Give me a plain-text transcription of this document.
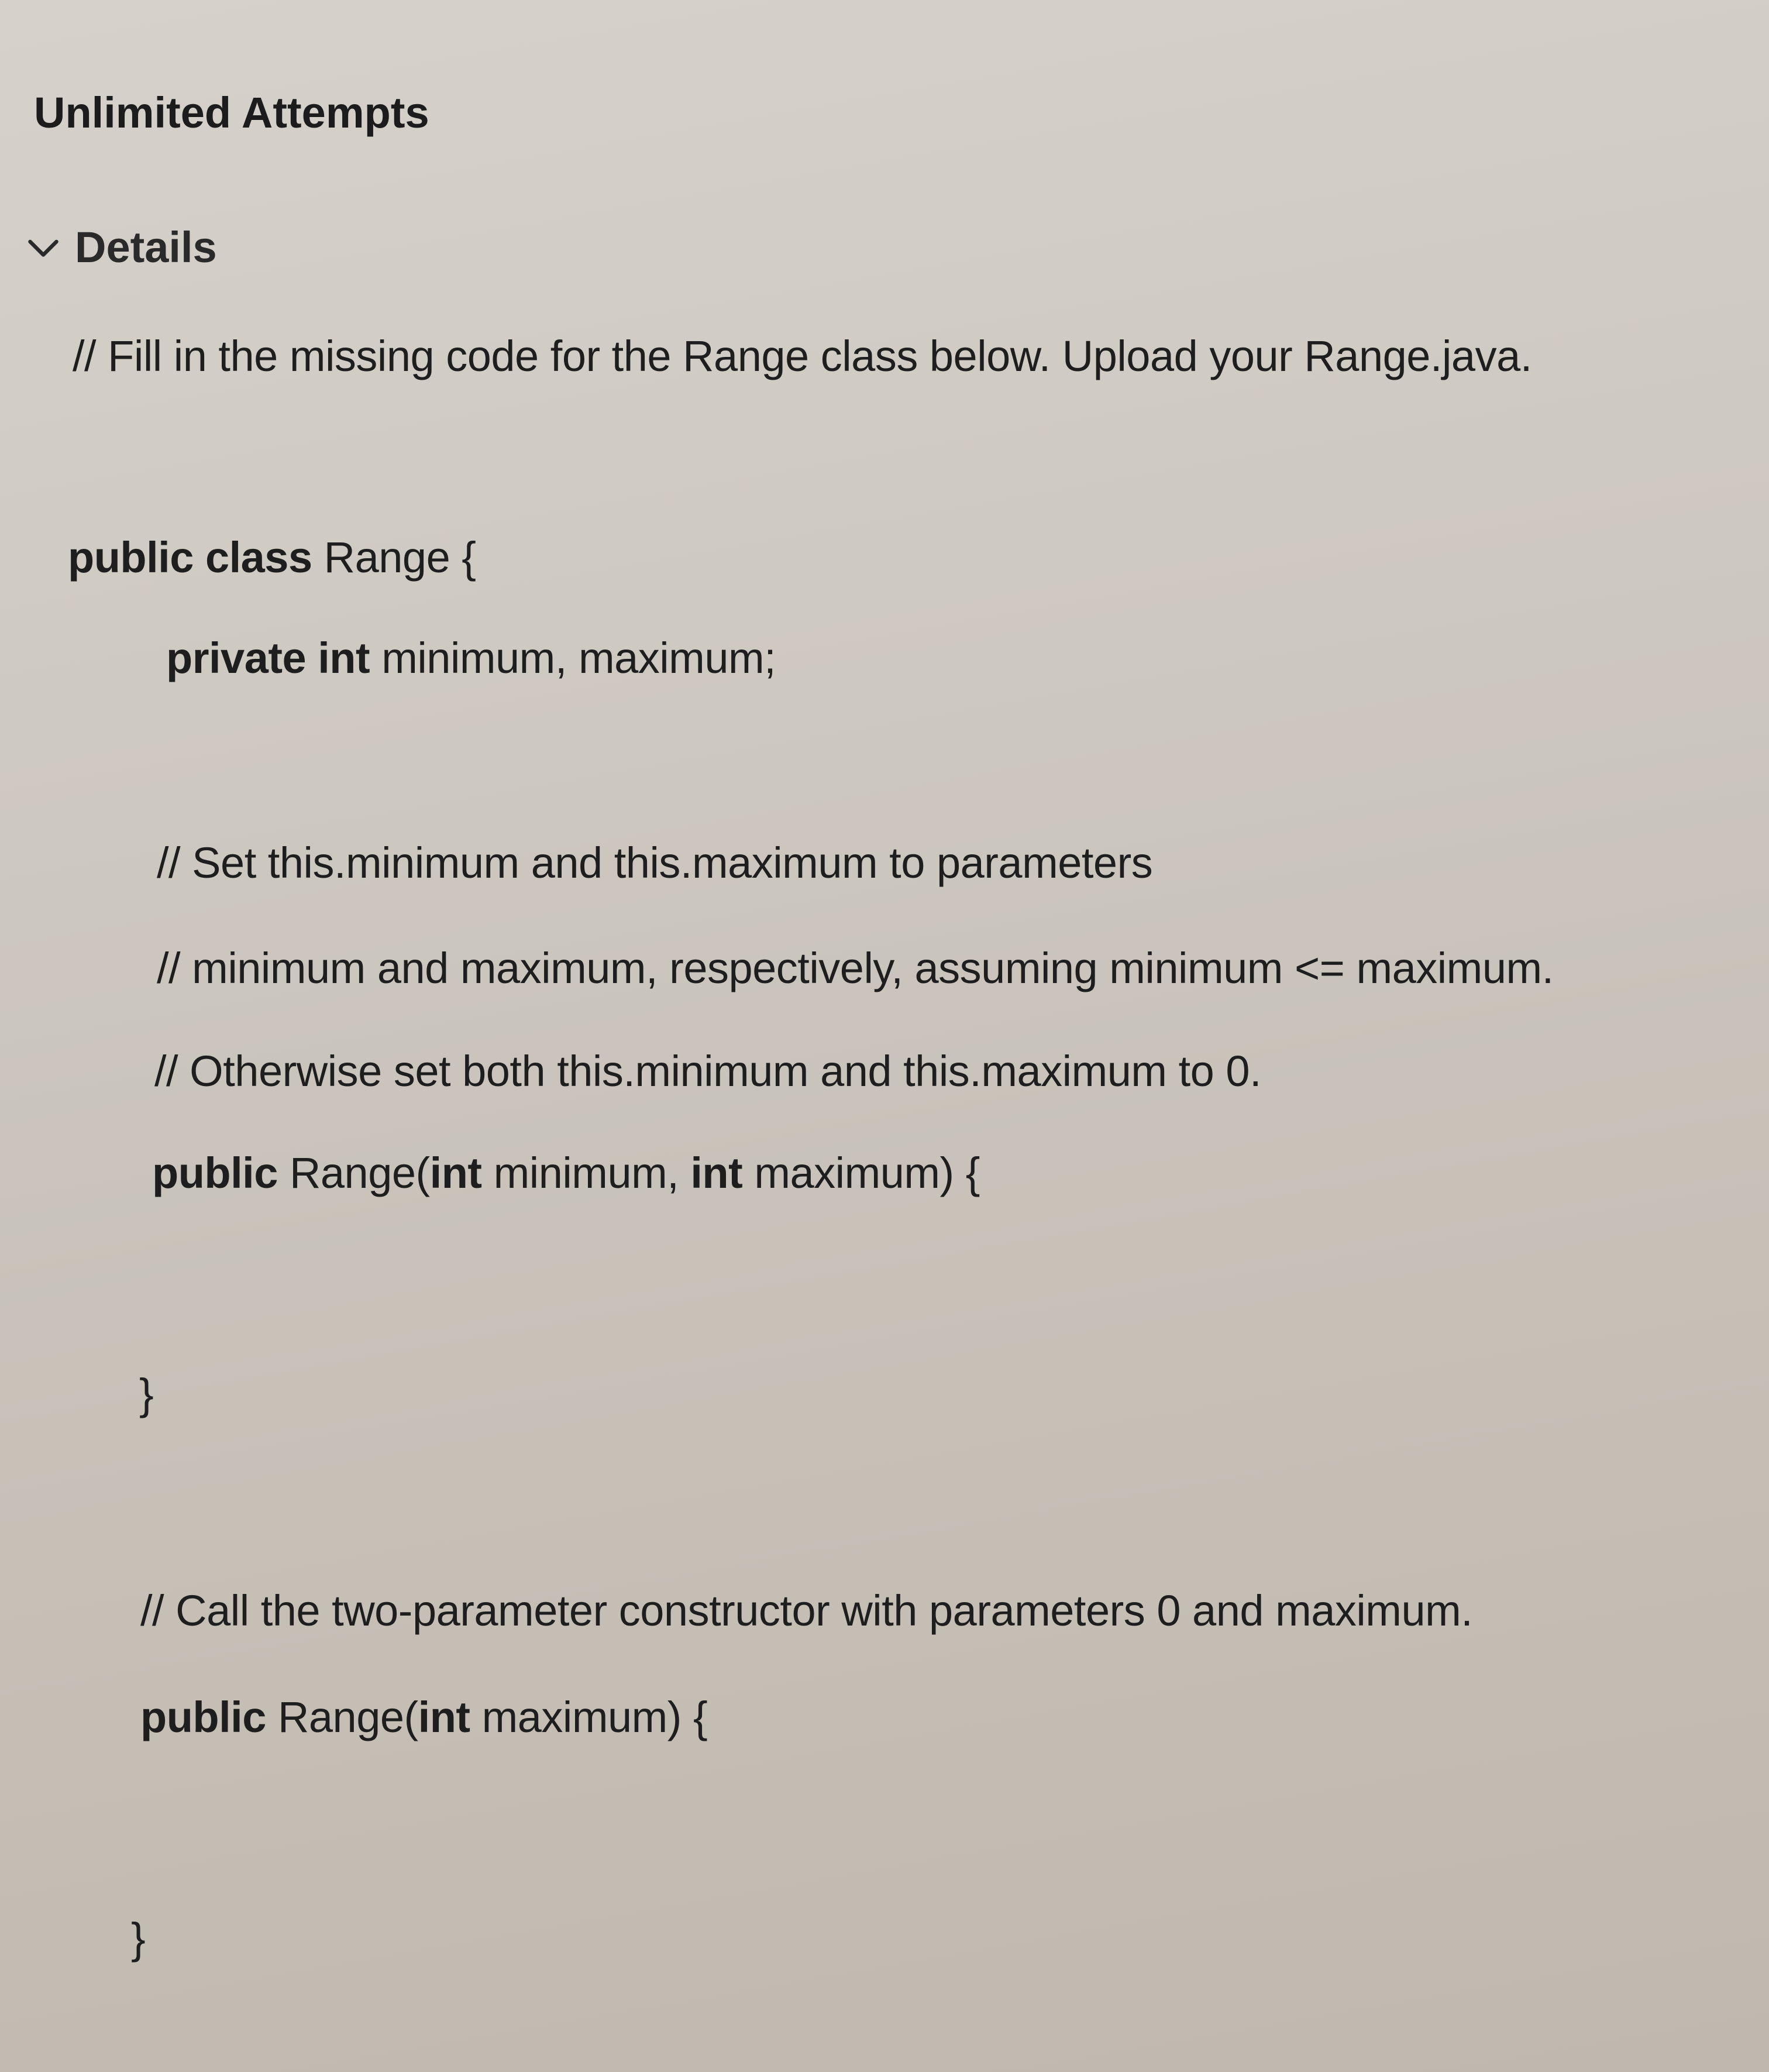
Unlimited Attempts
Details
// Fill in the missing code for the Range class below. Upload your Range.java.
public class Range {
private int minimum, maximum;
// Set this.minimum and this.maximum to parameters
// minimum and maximum, respectively, assuming minimum <= maximum.
// Otherwise set both this.minimum and this.maximum to 0.
public Range(int minimum, int maximum) {
}
// Call the two-parameter constructor with parameters 0 and maximum.
public Range(int maximum) {
}
